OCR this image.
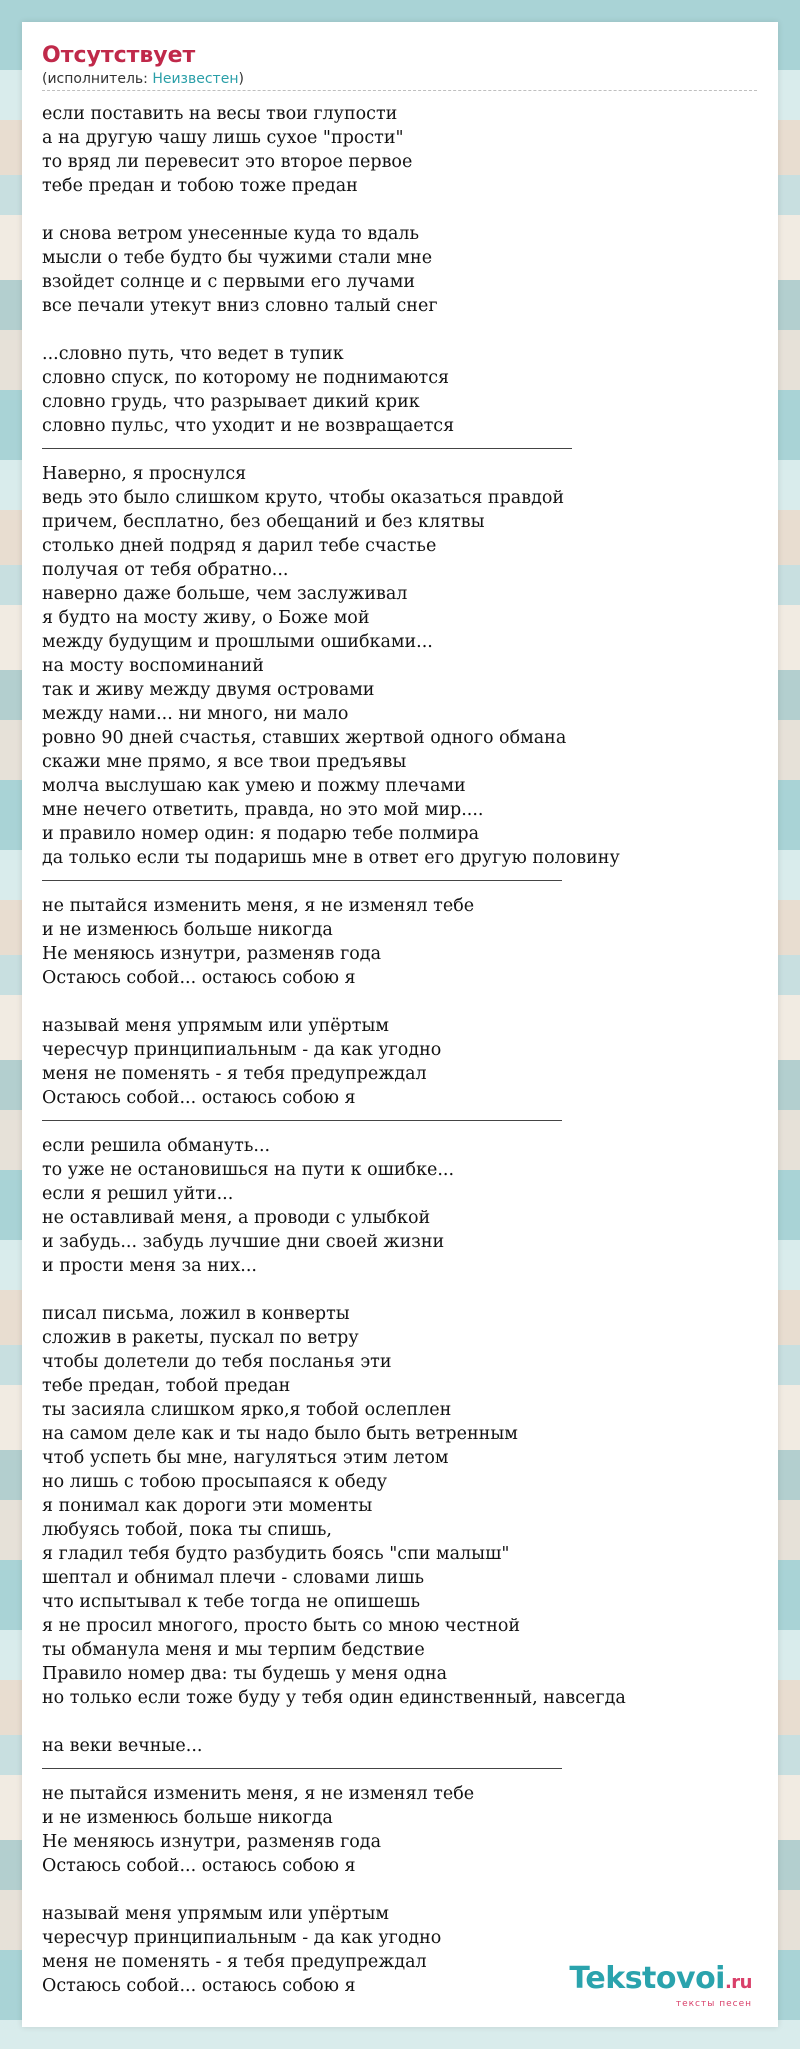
Отсутствует
(исполнитель: Неизвестен)
если поставить на весы твои глупости
а на другую чашу лишь сухое "прости"
то вряд ли перевесит это второе первое
тебе предан и тобою тоже предан
и снова ветром унесенные куда то вдаль
мысли о тебе будто бы чужими стали мне
взойдет солнце и с первыми его лучами
все печали утекут вниз словно талый снег
...словно путь, что ведет в тупик
словно спуск, по которому не поднимаются
словно грудь, что разрывает дикий крик
словно пульс, что уходит и не возвращается
Наверно, я проснулся
ведь это было слишком круто, чтобы оказаться правдой
причем, бесплатно, без обещаний и без клятвы
столько дней подряд я дарил тебе счастье
получая от тебя обратно...
наверно даже больше, чем заслуживал
я будто на мосту живу, о Боже мой
между будущим и прошлыми ошибками...
на мосту воспоминаний
так и живу между двумя островами
между нами... ни много, ни мало
ровно 90 дней счастья, ставших жертвой одного обмана
скажи мне прямо, я все твои предъявы
молча выслушаю как умею и пожму плечами
мне нечего ответить, правда, но это мой мир....
и правило номер один: я подарю тебе полмира
да только если ты подаришь мне в ответ его другую половину
не пытайся изменить меня, я не изменял тебе
и не изменюсь больше никогда
Не меняюсь изнутри, разменяв года
Остаюсь собой... остаюсь собою я
называй меня упрямым или упёртым
чересчур принципиальным - да как угодно
меня не поменять - я тебя предупреждал
Остаюсь собой... остаюсь собою я
если решила обмануть...
то уже не остановишься на пути к ошибке...
если я решил уйти...
не оставливай меня, а проводи с улыбкой
и забудь... забудь лучшие дни своей жизни
и прости меня за них...
писал письма, ложил в конверты
сложив в ракеты, пускал по ветру
чтобы долетели до тебя посланья эти
тебе предан, тобой предан
ты засияла слишком ярко,я тобой ослеплен
на самом деле как и ты надо было быть ветренным
чтоб успеть бы мне, нагуляться этим летом
но лишь с тобою просыпаяся к обеду
я понимал как дороги эти моменты
любуясь тобой, пока ты спишь,
я гладил тебя будто разбудить боясь "спи малыш"
шептал и обнимал плечи - словами лишь
что испытывал к тебе тогда не опишешь
я не просил многого, просто быть со мною честной
ты обманула меня и мы терпим бедствие
Правило номер два: ты будешь у меня одна
но только если тоже буду у тебя один единственный, навсегда
на веки вечные...
не пытайся изменить меня, я не изменял тебе
и не изменюсь больше никогда
Не меняюсь изнутри, разменяв года
Остаюсь собой... остаюсь собою я
называй меня упрямым или упёртым
чересчур принципиальным - да как угодно
меня не поменять - я тебя предупреждал
Остаюсь собой... остаюсь собою я	Tekstovoi.ru
тексты песен
